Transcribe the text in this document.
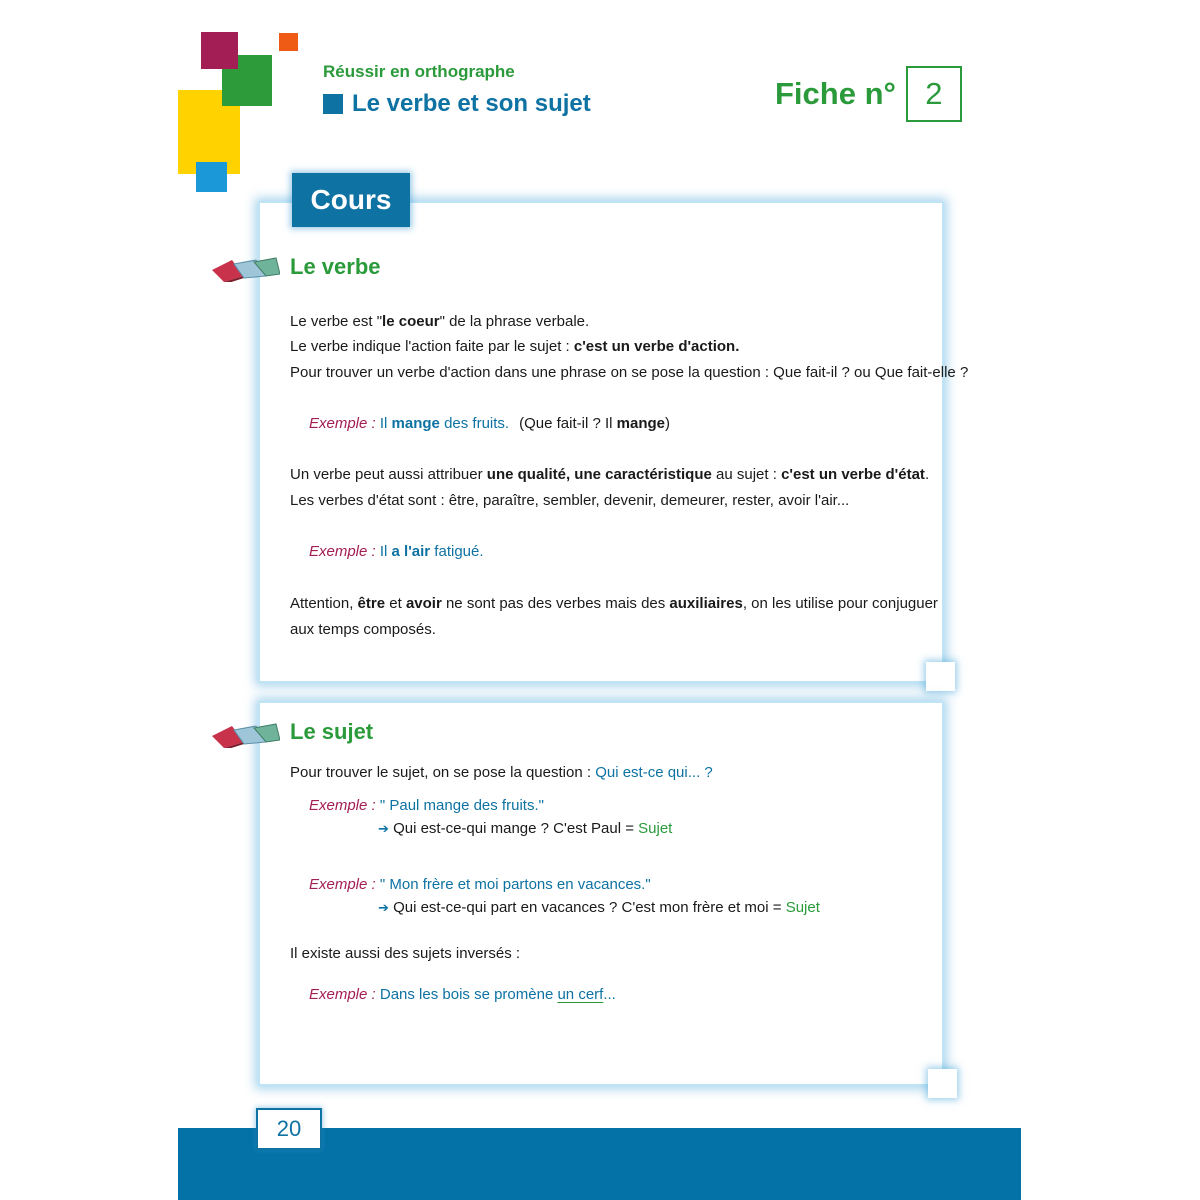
Réussir en orthographe

Le verbe et son sujet	Fiche n° 2
Cours
Le verbe

Le verbe est "le coeur" de la phrase verbale.

Le verbe indique l'action faite par le sujet : c'est un verbe d'action.

Pour trouver un verbe d'action dans une phrase on se pose la question : Que fait-il ? ou Que fait-elle ?

Exemple : Il mange des fruits. (Que fait-il ? Il mange)

Un verbe peut aussi attribuer une qualité, une caractéristique au sujet : c'est un verbe d'état.

Les verbes d'état sont : être, paraître, sembler, devenir, demeurer, rester, avoir l'air...

Exemple : Il a l'air fatigué.

Attention, être et avoir ne sont pas des verbes mais des auxiliaires, on les utilise pour conjuguer

aux temps composés.

Le sujet

Pour trouver le sujet, on se pose la question : Qui est-ce qui... ?

Exemple : " Paul mange des fruits."

➔ Qui est-ce-qui mange ? C'est Paul = Sujet

Exemple : " Mon frère et moi partons en vacances."

➔ Qui est-ce-qui part en vacances ? C'est mon frère et moi = Sujet

Il existe aussi des sujets inversés :

Exemple : Dans les bois se promène un cerf...

20
